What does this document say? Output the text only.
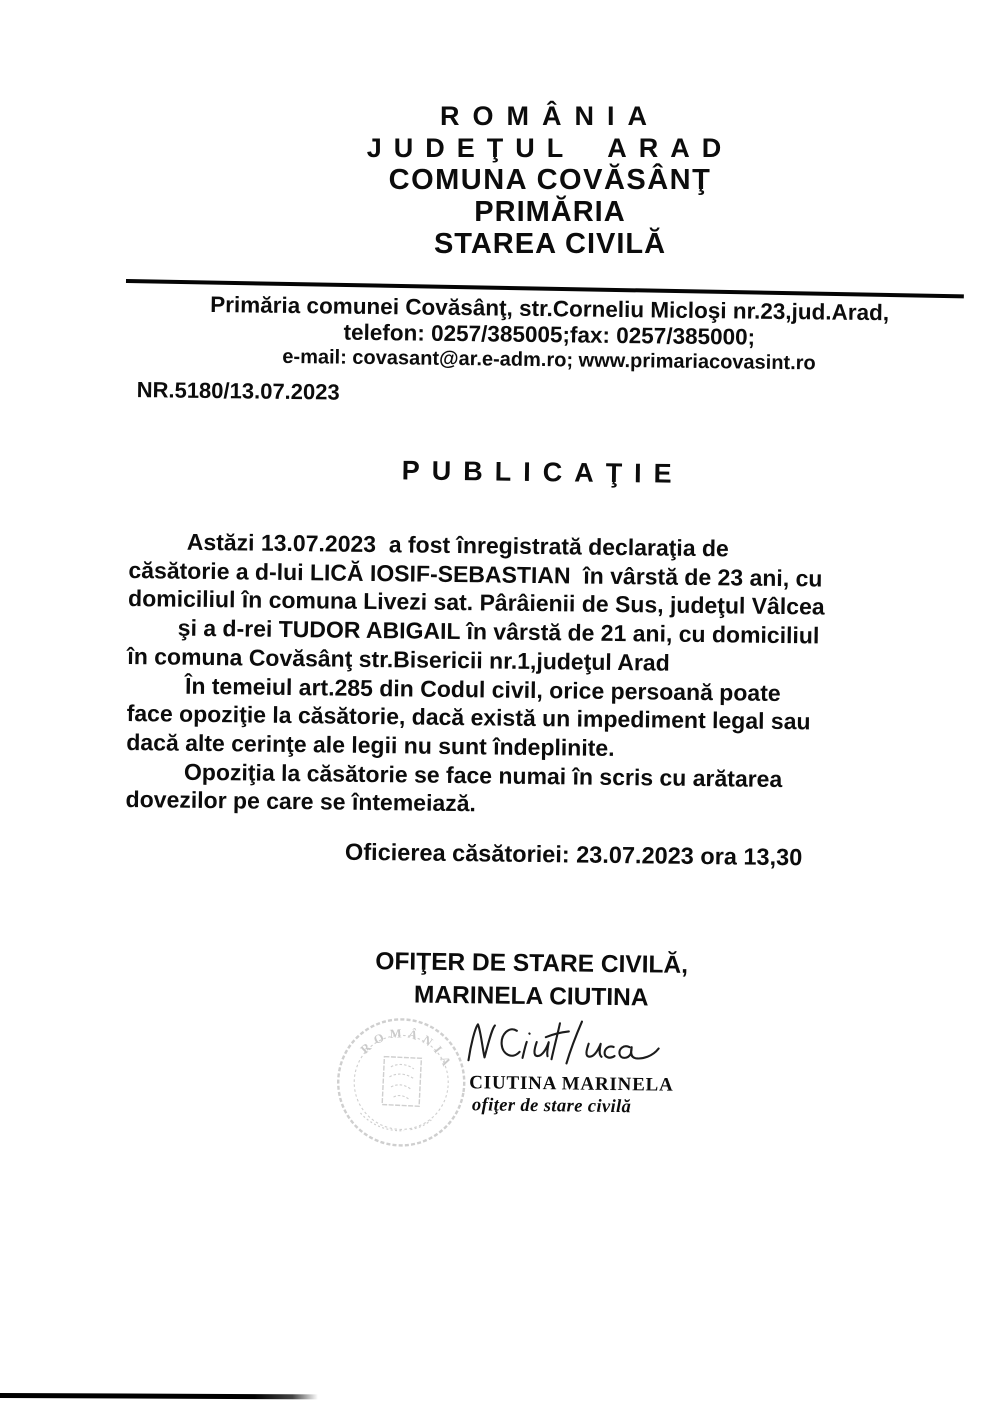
ROMÂNIA
JUDEŢUL ARAD
COMUNA COVĂSÂNŢ
PRIMĂRIA
STAREA CIVILĂ
Primăria comunei Covăsânţ, str.Corneliu Micloşi nr.23,jud.Arad,
telefon: 0257/385005;fax: 0257/385000;
e-mail: covasant@ar.e-adm.ro; www.primariacovasint.ro
NR.5180/13.07.2023
PUBLICAŢIE
Astăzi 13.07.2023  a fost înregistrată declaraţia de
căsătorie a d-lui LICĂ IOSIF-SEBASTIAN  în vârstă de 23 ani, cu
domiciliul în comuna Livezi sat. Pârâienii de Sus, judeţul Vâlcea
şi a d-rei TUDOR ABIGAIL în vârstă de 21 ani, cu domiciliul
în comuna Covăsânţ str.Bisericii nr.1,judeţul Arad
În temeiul art.285 din Codul civil, orice persoană poate
face opoziţie la căsătorie, dacă există un impediment legal sau
dacă alte cerinţe ale legii nu sunt îndeplinite.
Opoziţia la căsătorie se face numai în scris cu arătarea
dovezilor pe care se întemeiază.
Oficierea căsătoriei: 23.07.2023 ora 13,30
OFIŢER DE STARE CIVILĂ,
MARINELA CIUTINA
ROMÂNIA
CIUTINA MARINELA
ofiţer de stare civilă
